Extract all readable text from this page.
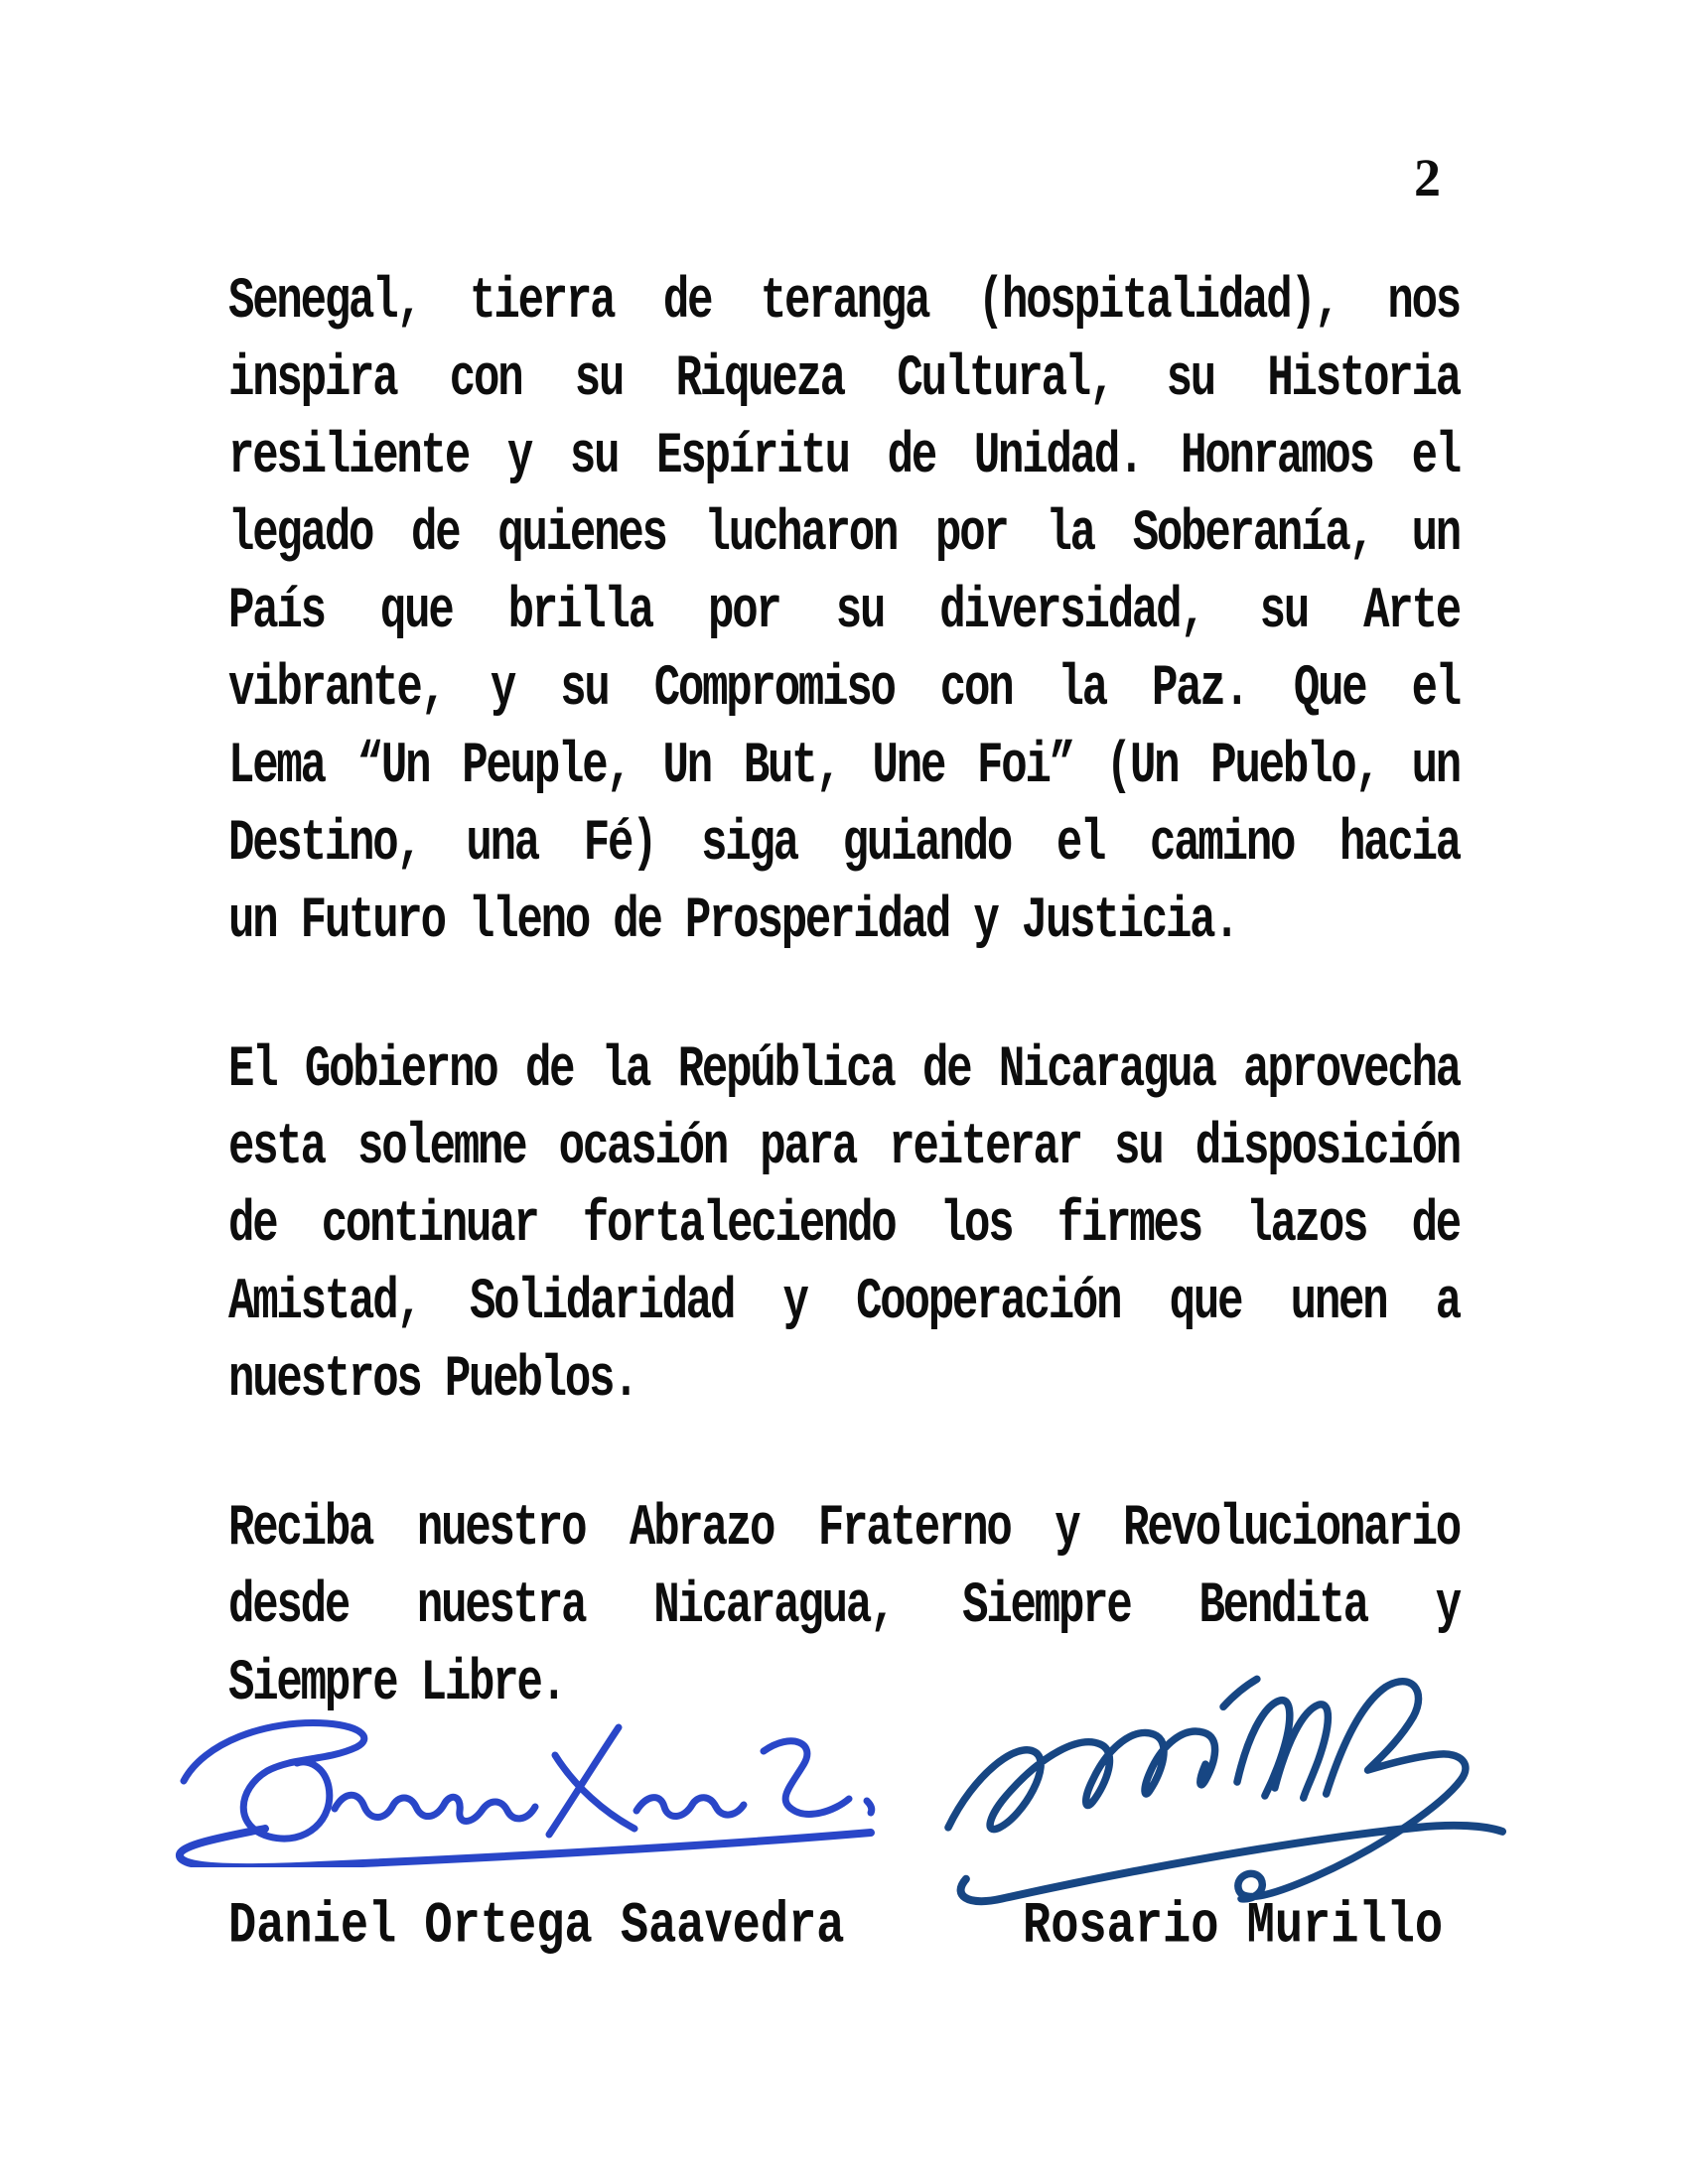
2
Senegal, tierra de teranga (hospitalidad), nos
inspira con su Riqueza Cultural, su Historia
resiliente y su Espíritu de Unidad. Honramos el
legado de quienes lucharon por la Soberanía, un
País que brilla por su diversidad, su Arte
vibrante, y su Compromiso con la Paz. Que el
Lema “Un Peuple, Un But, Une Foi” (Un Pueblo, un
Destino, una Fé) siga guiando el camino hacia
un Futuro lleno de Prosperidad y Justicia.
El Gobierno de la República de Nicaragua aprovecha
esta solemne ocasión para reiterar su disposición
de continuar fortaleciendo los firmes lazos de
Amistad, Solidaridad y Cooperación que unen a
nuestros Pueblos.
Reciba nuestro Abrazo Fraterno y Revolucionario
desde nuestra Nicaragua, Siempre Bendita y
Siempre Libre.
Daniel Ortega Saavedra	Rosario Murillo
